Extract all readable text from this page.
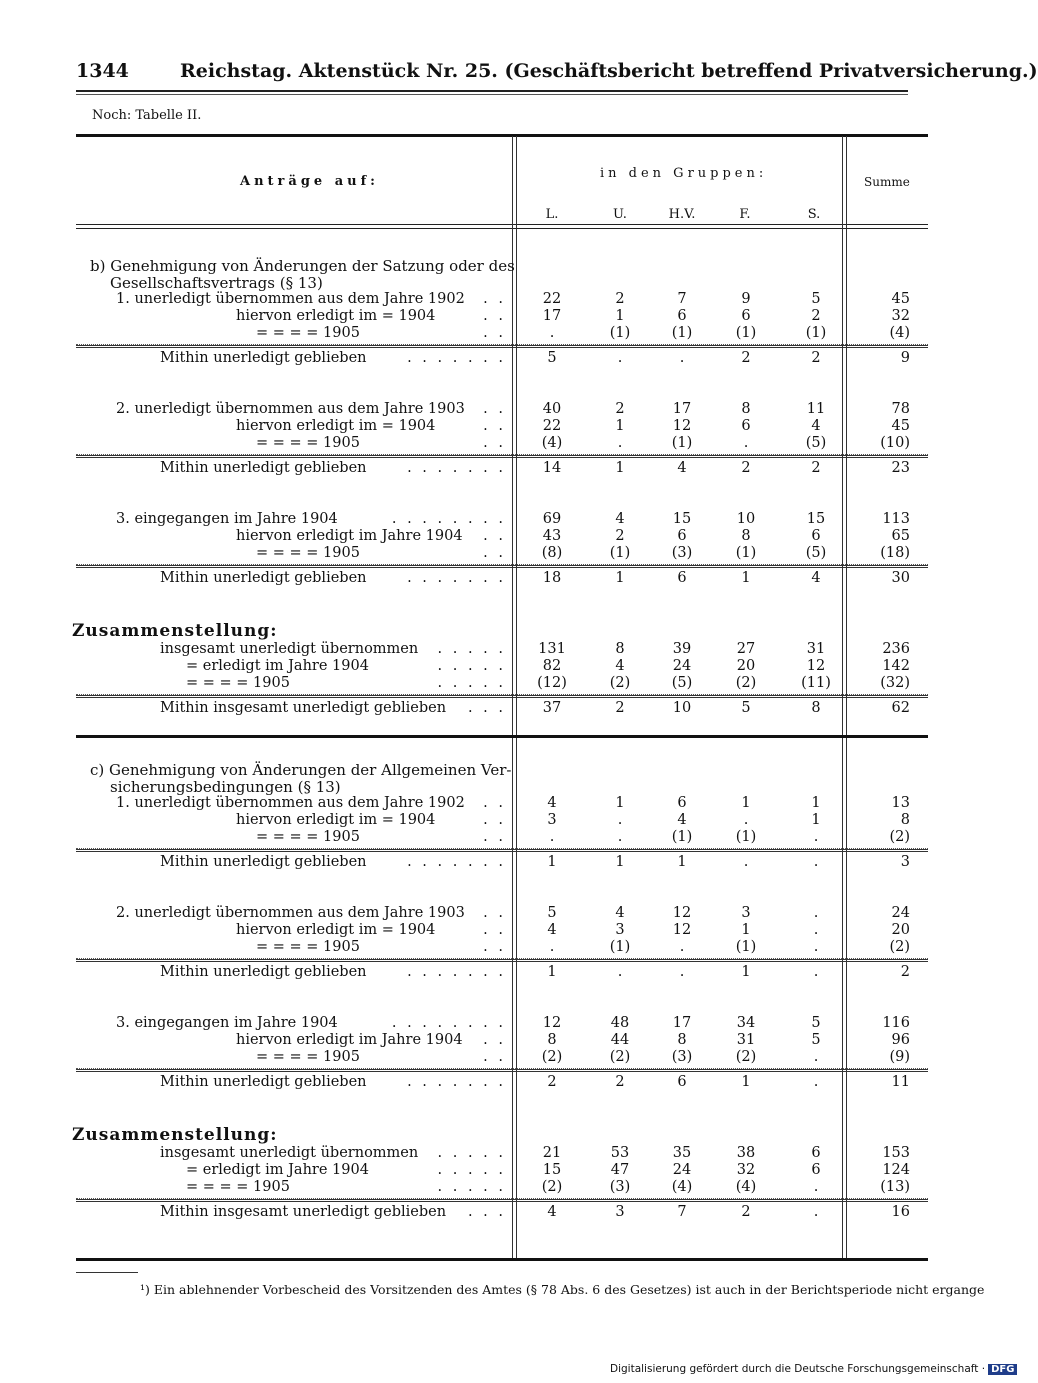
1344	Reichstag. Aktenstück Nr. 25. (Geschäftsbericht betreffend Privatversicherung.)
Noch: Tabelle II.
Anträge auf:
in den Gruppen:
Summe
L.	U.	H.V.	F.	S.
b) Genehmigung von Änderungen der Satzung oder des
Gesellschaftsvertrags (§ 13)
1. unerledigt übernommen aus dem Jahre 1902 . .	22	2	7	9	5	45
hiervon erledigt im = 1904	. .	17	1	6	6	2	32
= = = = 1905	. .	.	(1)	(1)	(1)	(1)	(4)
Mithin unerledigt geblieben	. . . . . . .	5	.	.	2	2	9
2. unerledigt übernommen aus dem Jahre 1903 . .	40	2	17	8	11	78
hiervon erledigt im = 1904	. .	22	1	12	6	4	45
= = = = 1905	. .	(4)	.	(1)	.	(5)	(10)
Mithin unerledigt geblieben	. . . . . . .	14	1	4	2	2	23
3. eingegangen im Jahre 1904	. . . . . . . .	69	4	15	10	15	113
hiervon erledigt im Jahre 1904 . .	43	2	6	8	6	65
= = = = 1905	. .	(8)	(1)	(3)	(1)	(5)	(18)
Mithin unerledigt geblieben	. . . . . . .	18	1	6	1	4	30
Zusammenstellung:
insgesamt unerledigt übernommen . . . . .	131	8	39	27	31	236
= erledigt im Jahre 1904	. . . . .	82	4	24	20	12	142
= = = = 1905	. . . . .	(12)	(2)	(5)	(2)	(11)	(32)
Mithin insgesamt unerledigt geblieben . . .	37	2	10	5	8	62
c) Genehmigung von Änderungen der Allgemeinen Ver-
sicherungsbedingungen (§ 13)
1. unerledigt übernommen aus dem Jahre 1902 . .	4	1	6	1	1	13
hiervon erledigt im = 1904	. .	3	.	4	.	1	8
= = = = 1905	. .	.	.	(1)	(1)	.	(2)
Mithin unerledigt geblieben	. . . . . . .	1	1	1	.	.	3
2. unerledigt übernommen aus dem Jahre 1903 . .	5	4	12	3	.	24
hiervon erledigt im = 1904	. .	4	3	12	1	.	20
= = = = 1905	. .	.	(1)	.	(1)	.	(2)
Mithin unerledigt geblieben	. . . . . . .	1	.	.	1	.	2
3. eingegangen im Jahre 1904	. . . . . . . .	12	48	17	34	5	116
hiervon erledigt im Jahre 1904 . .	8	44	8	31	5	96
= = = = 1905	. .	(2)	(2)	(3)	(2)	.	(9)
Mithin unerledigt geblieben	. . . . . . .	2	2	6	1	.	11
Zusammenstellung:
insgesamt unerledigt übernommen . . . . .	21	53	35	38	6	153
= erledigt im Jahre 1904	. . . . .	15	47	24	32	6	124
= = = = 1905	. . . . .	(2)	(3)	(4)	(4)	.	(13)
Mithin insgesamt unerledigt geblieben . . .	4	3	7	2	.	16
¹) Ein ablehnender Vorbescheid des Vorsitzenden des Amtes (§ 78 Abs. 6 des Gesetzes) ist auch in der Berichtsperiode nicht ergange
Digitalisierung gefördert durch die Deutsche Forschungsgemeinschaft · DFG
